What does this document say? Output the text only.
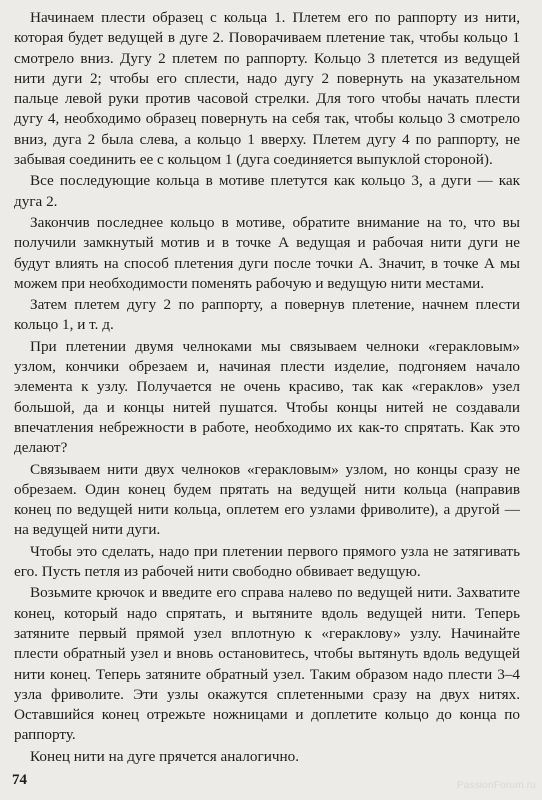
Начинаем плести образец с кольца 1. Плетем его по раппорту из нити, которая будет ведущей в дуге 2. Поворачиваем плетение так, чтобы кольцо 1 смотрело вниз. Дугу 2 плетем по раппорту. Кольцо 3 плетется из ведущей нити дуги 2; чтобы его сплести, надо дугу 2 повернуть на указательном пальце левой руки против часовой стрелки. Для того чтобы начать плести дугу 4, необходимо образец повернуть на себя так, чтобы кольцо 3 смотрело вниз, дуга 2 была слева, а кольцо 1 вверху. Плетем дугу 4 по раппорту, не забывая соединить ее с кольцом 1 (дуга соединяется выпуклой стороной).

Все последующие кольца в мотиве плетутся как кольцо 3, а дуги — как дуга 2.

Закончив последнее кольцо в мотиве, обратите внимание на то, что вы получили замкнутый мотив и в точке А ведущая и рабочая нити дуги не будут влиять на способ плетения дуги после точки А. Значит, в точке А мы можем при необходимости поменять рабочую и ведущую нити местами.

Затем плетем дугу 2 по раппорту, а повернув плетение, начнем плести кольцо 1, и т. д.

При плетении двумя челноками мы связываем челноки «геракловым» узлом, кончики обрезаем и, начиная плести изделие, подгоняем начало элемента к узлу. Получается не очень красиво, так как «гераклов» узел большой, да и концы нитей пушатся. Чтобы концы нитей не создавали впечатления небрежности в работе, необходимо их как-то спрятать. Как это делают?

Связываем нити двух челноков «геракловым» узлом, но концы сразу не обрезаем. Один конец будем прятать на ведущей нити кольца (направив конец по ведущей нити кольца, оплетем его узлами фриволите), а другой — на ведущей нити дуги.

Чтобы это сделать, надо при плетении первого прямого узла не затягивать его. Пусть петля из рабочей нити свободно обвивает ведущую.

Возьмите крючок и введите его справа налево по ведущей нити. Захватите конец, который надо спрятать, и вытяните вдоль ведущей нити. Теперь затяните первый прямой узел вплотную к «гераклову» узлу. Начинайте плести обратный узел и вновь остановитесь, чтобы вытянуть вдоль ведущей нити конец. Теперь затяните обратный узел. Таким образом надо плести 3–4 узла фриволите. Эти узлы окажутся сплетенными сразу на двух нитях. Оставшийся конец отрежьте ножницами и доплетите кольцо до конца по раппорту.

Конец нити на дуге прячется аналогично.

74	PassionForum.ru
